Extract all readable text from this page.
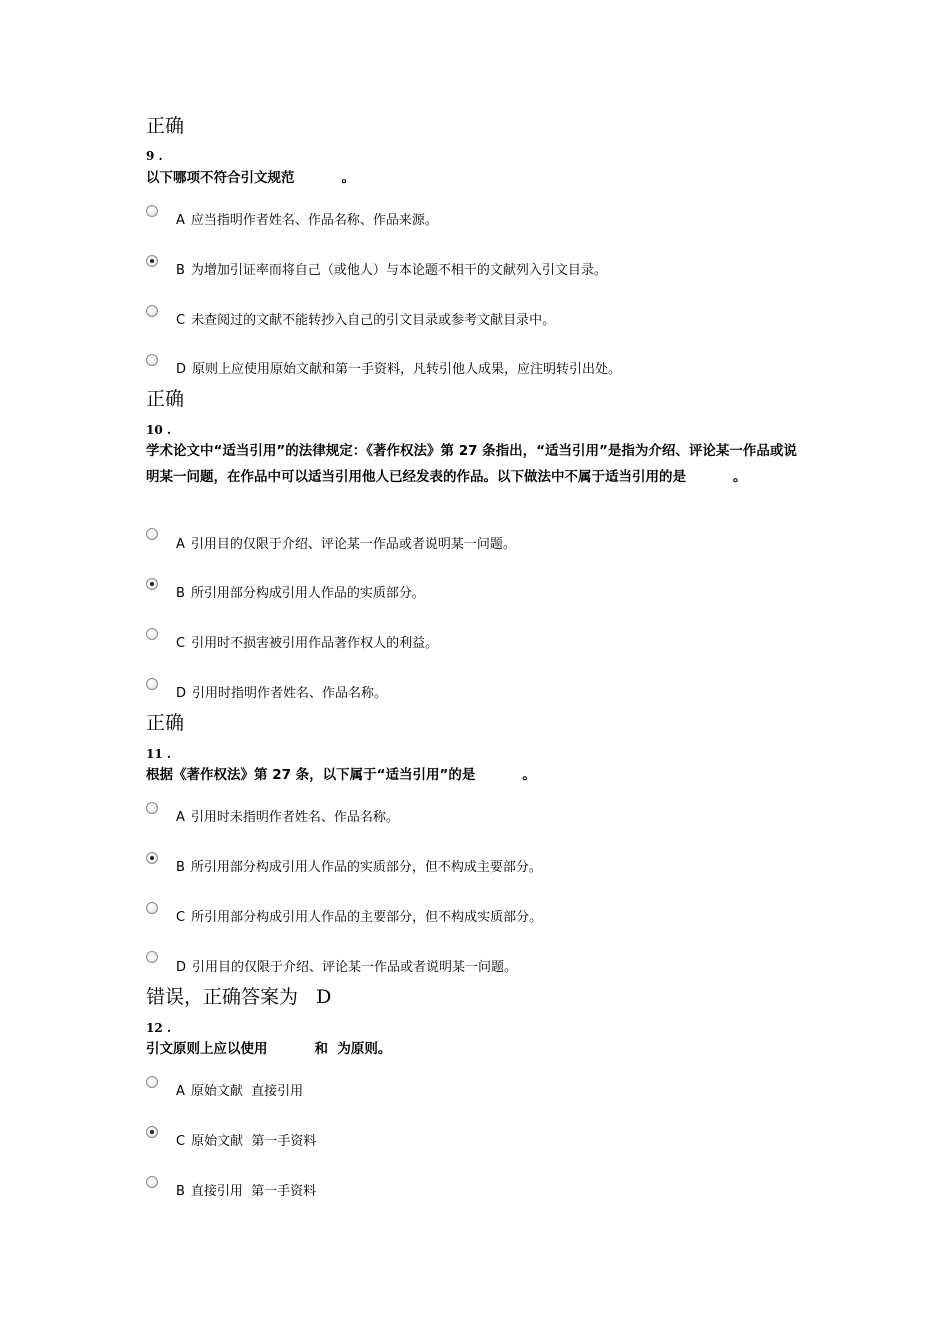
正确
9 .
以下哪项不符合引文规范          。
A 应当指明作者姓名、作品名称、作品来源。
B 为增加引证率而将自己（或他人）与本论题不相干的文献列入引文目录。
C 未查阅过的文献不能转抄入自己的引文目录或参考文献目录中。
D 原则上应使用原始文献和第一手资料，凡转引他人成果，应注明转引出处。
正确
10 .
学术论文中“适当引用”的法律规定：《著作权法》第 27 条指出，“适当引用”是指为介绍、评论某一作品或说明某一问题，在作品中可以适当引用他人已经发表的作品。以下做法中不属于适当引用的是          。
A 引用目的仅限于介绍、评论某一作品或者说明某一问题。
B 所引用部分构成引用人作品的实质部分。
C 引用时不损害被引用作品著作权人的利益。
D 引用时指明作者姓名、作品名称。
正确
11 .
根据《著作权法》第 27 条，以下属于“适当引用”的是          。
A 引用时未指明作者姓名、作品名称。
B 所引用部分构成引用人作品的实质部分，但不构成主要部分。
C 所引用部分构成引用人作品的主要部分，但不构成实质部分。
D 引用目的仅限于介绍、评论某一作品或者说明某一问题。
错误，正确答案为   D
12 .
引文原则上应以使用          和  为原则。
A 原始文献  直接引用
C 原始文献  第一手资料
B 直接引用  第一手资料
